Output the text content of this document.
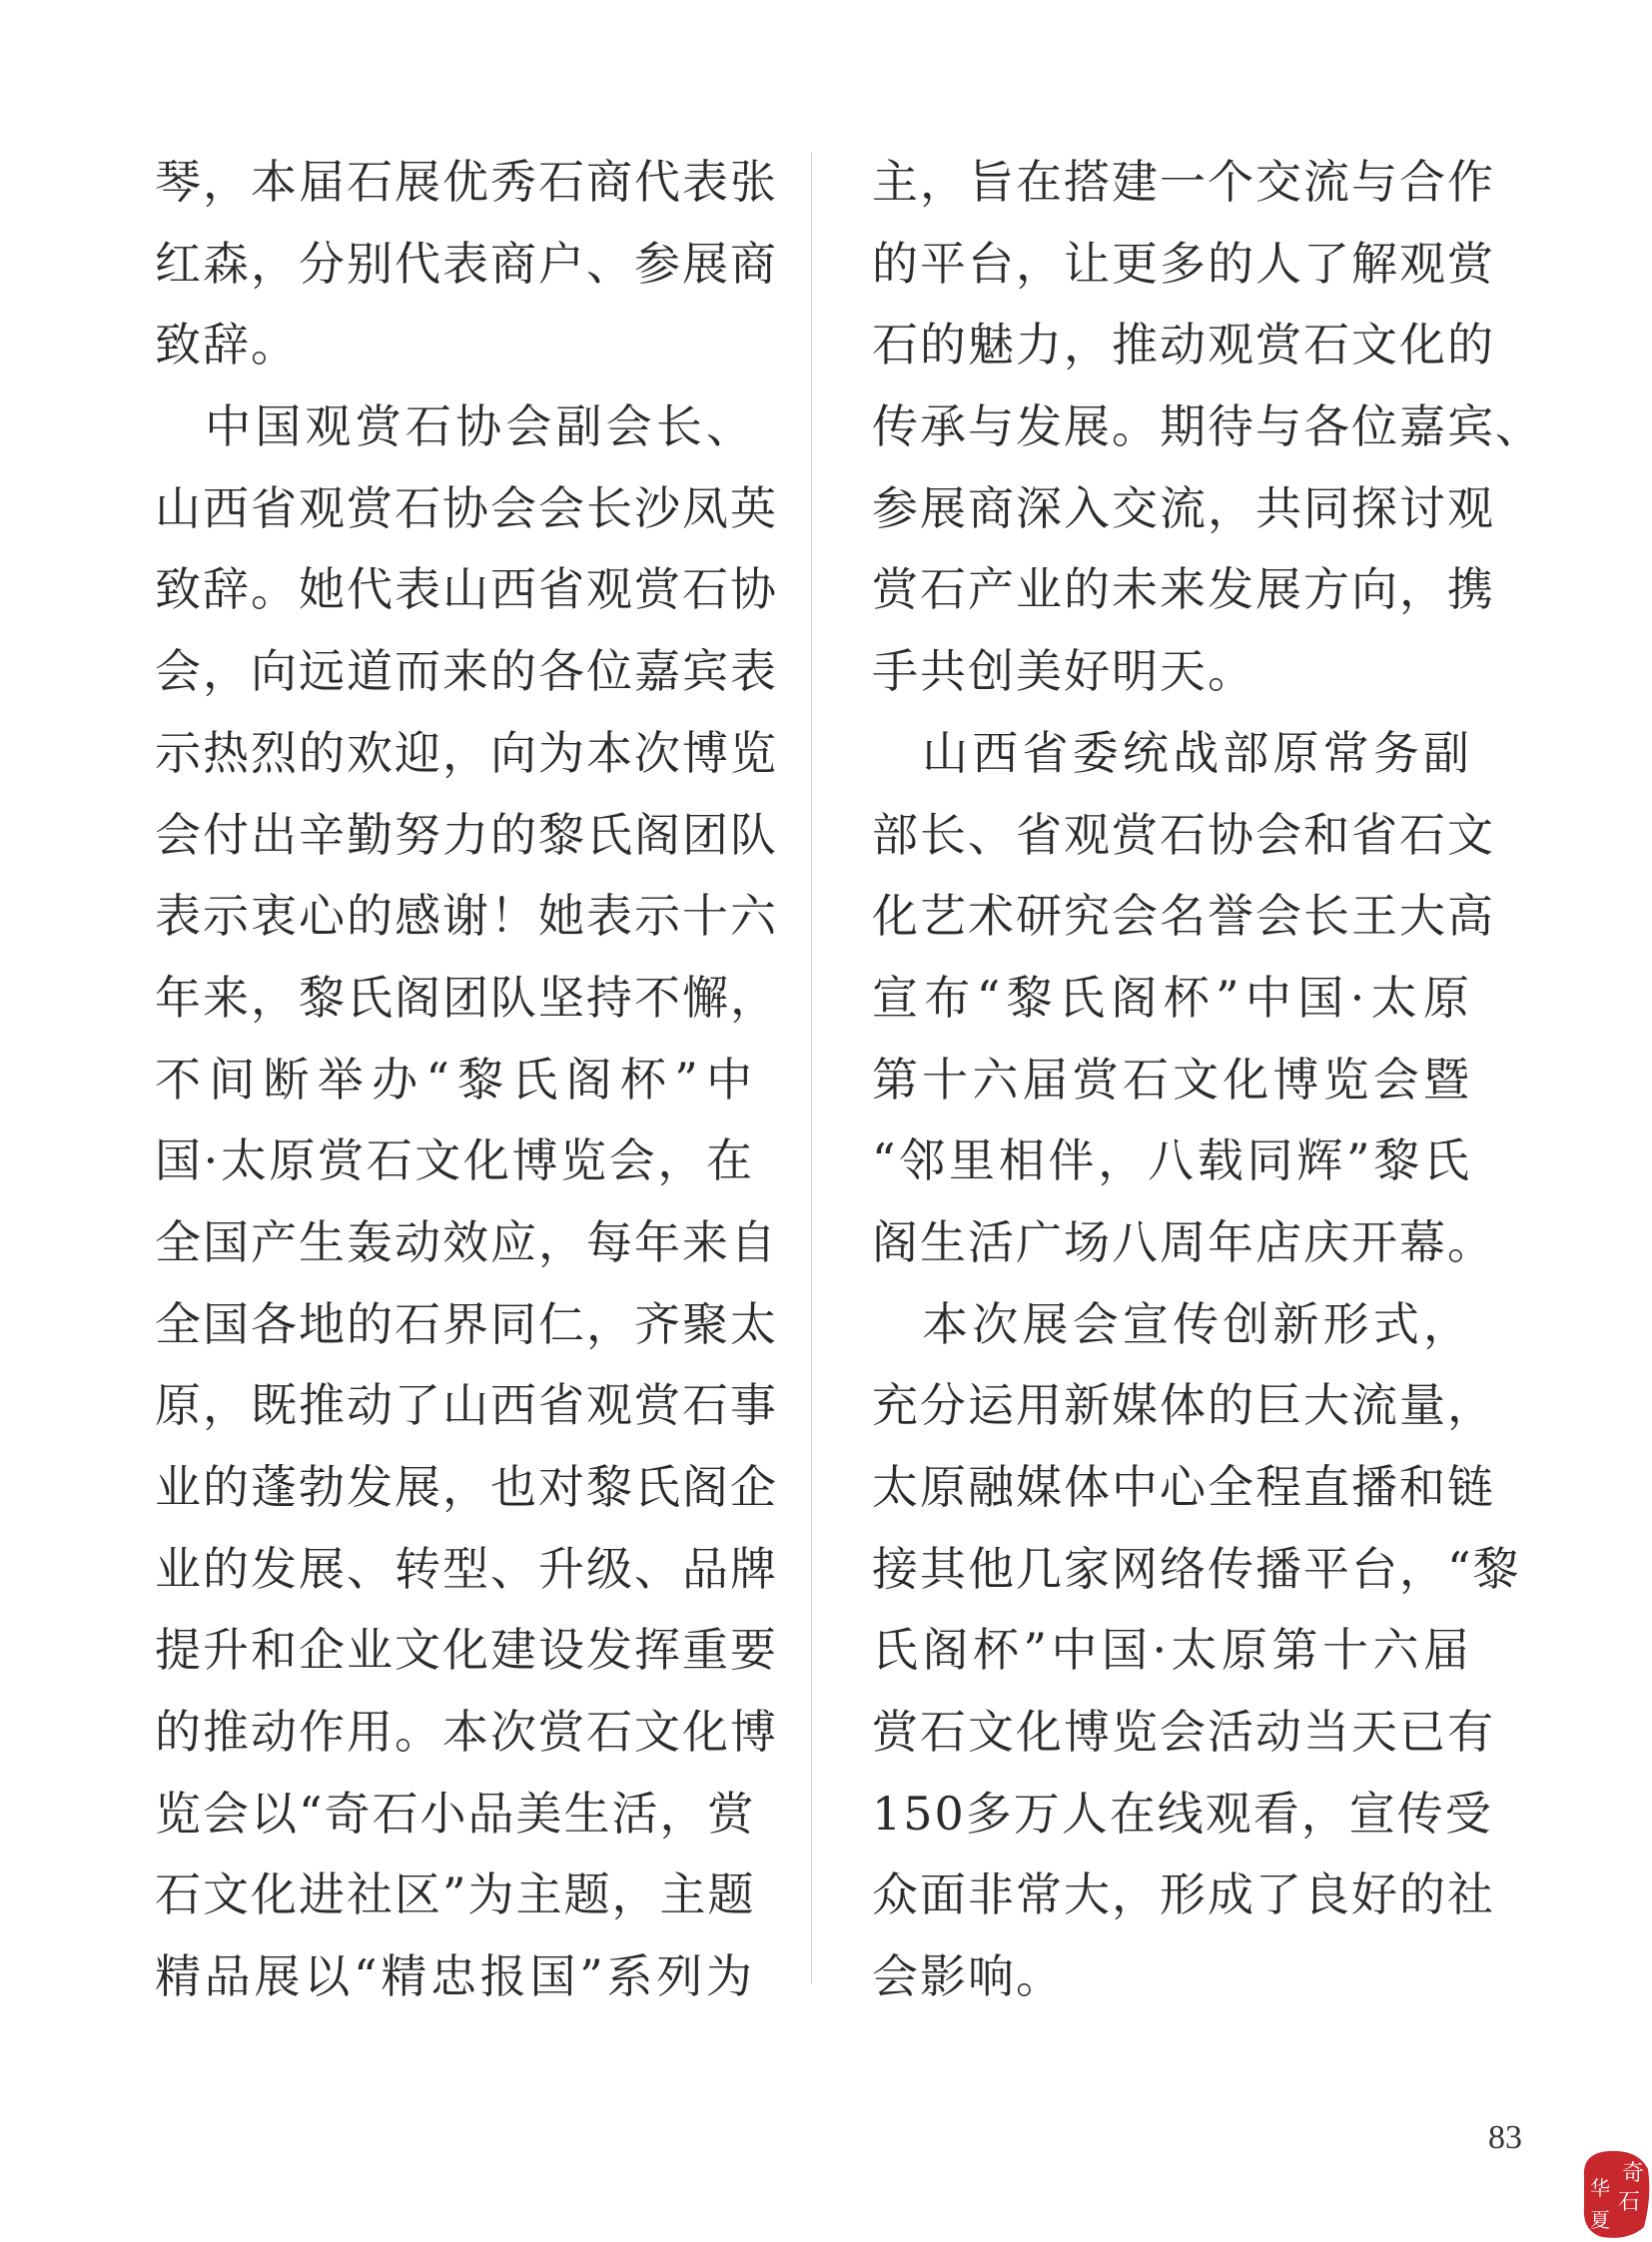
琴，本届石展优秀石商代表张
红森，分别代表商户、参展商
致辞。
　中国观赏石协会副会长、
山西省观赏石协会会长沙凤英
致辞。她代表山西省观赏石协
会，向远道而来的各位嘉宾表
示热烈的欢迎，向为本次博览
会付出辛勤努力的黎氏阁团队
表示衷心的感谢！她表示十六
年来，黎氏阁团队坚持不懈，
不间断举办“黎氏阁杯”中
国·太原赏石文化博览会，在
全国产生轰动效应，每年来自
全国各地的石界同仁，齐聚太
原，既推动了山西省观赏石事
业的蓬勃发展，也对黎氏阁企
业的发展、转型、升级、品牌
提升和企业文化建设发挥重要
的推动作用。本次赏石文化博
览会以“奇石小品美生活，赏
石文化进社区”为主题，主题
精品展以“精忠报国”系列为
主，旨在搭建一个交流与合作
的平台，让更多的人了解观赏
石的魅力，推动观赏石文化的
传承与发展。期待与各位嘉宾、
参展商深入交流，共同探讨观
赏石产业的未来发展方向，携
手共创美好明天。
　山西省委统战部原常务副
部长、省观赏石协会和省石文
化艺术研究会名誉会长王大高
宣布“黎氏阁杯”中国·太原
第十六届赏石文化博览会暨
“邻里相伴，八载同辉”黎氏
阁生活广场八周年店庆开幕。
　本次展会宣传创新形式，
充分运用新媒体的巨大流量，
太原融媒体中心全程直播和链
接其他几家网络传播平台，“黎
氏阁杯”中国·太原第十六届
赏石文化博览会活动当天已有
150多万人在线观看，宣传受
众面非常大，形成了良好的社
会影响。
83
奇
华
石
夏
